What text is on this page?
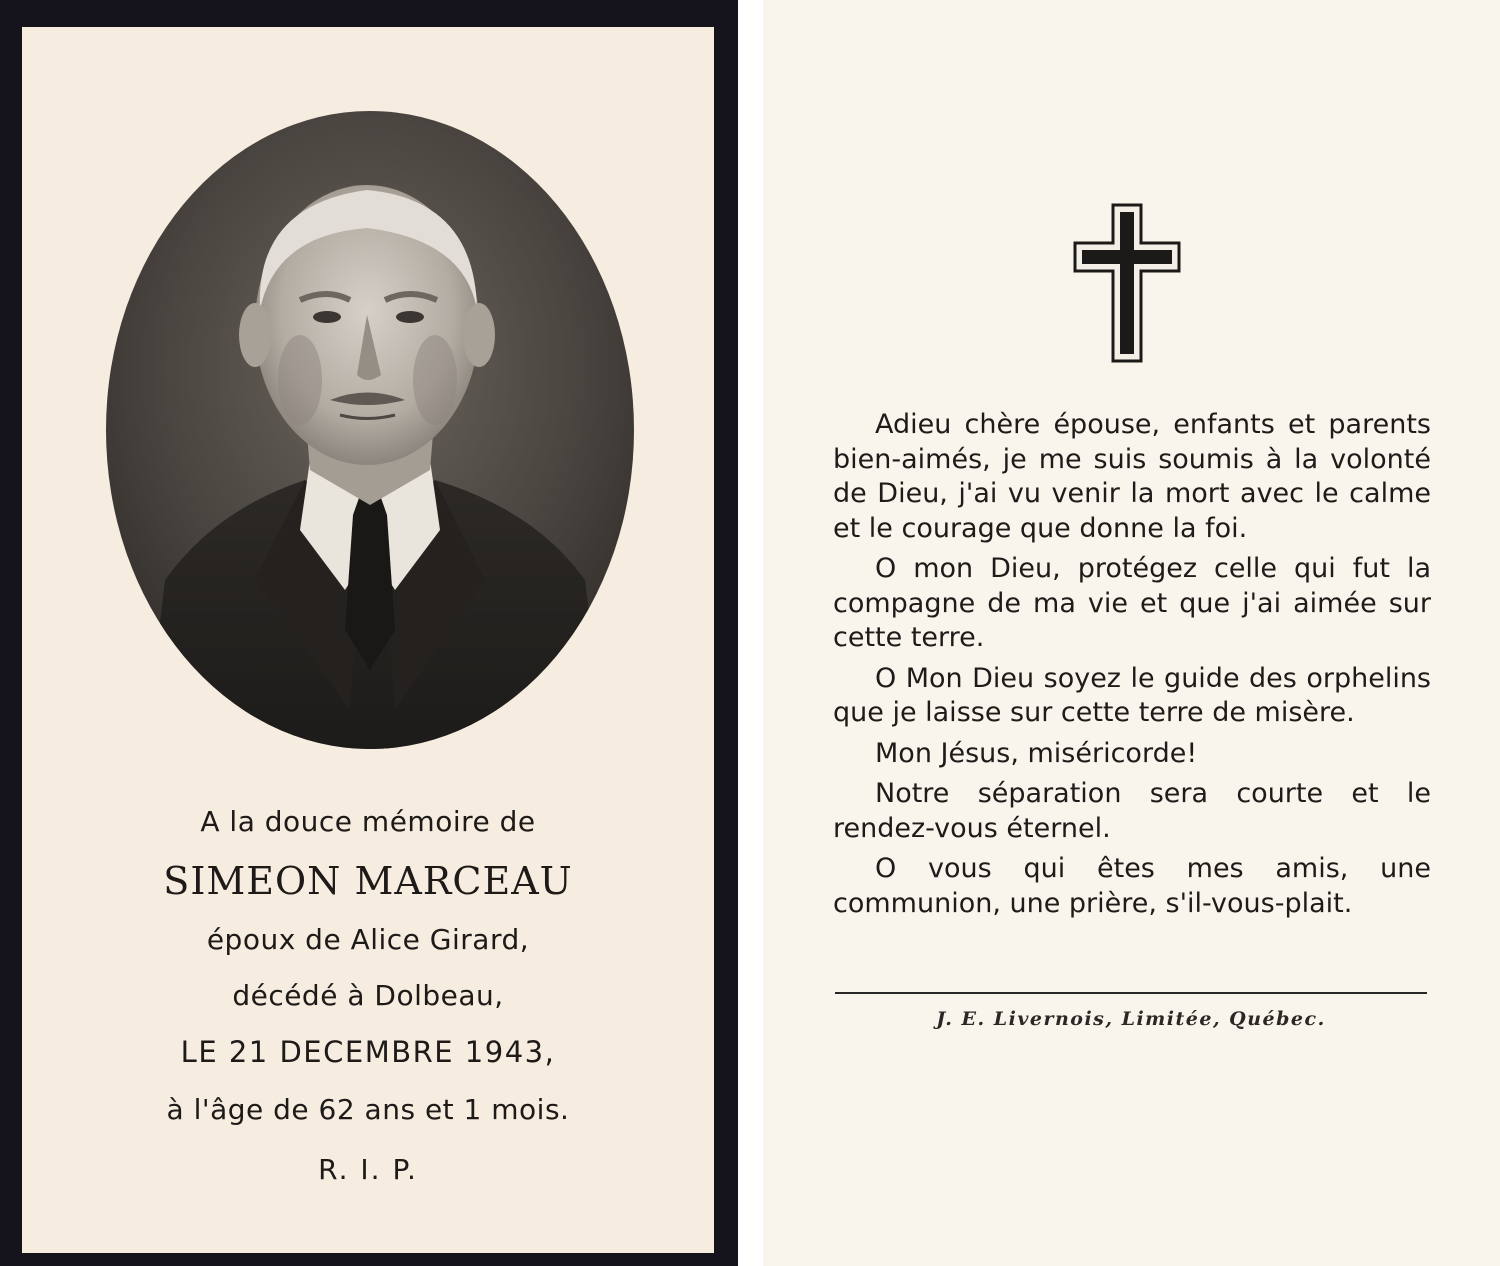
A la douce mémoire de
SIMEON MARCEAU
époux de Alice Girard,
décédé à Dolbeau,
LE 21 DECEMBRE 1943,
à l'âge de 62 ans et 1 mois.
R. I. P.

Adieu chère épouse, enfants et parents bien-aimés, je me suis soumis à la volonté de Dieu, j'ai vu venir la mort avec le calme et le courage que donne la foi.

O mon Dieu, protégez celle qui fut la compagne de ma vie et que j'ai aimée sur cette terre.

O Mon Dieu soyez le guide des orphelins que je laisse sur cette terre de misère.

Mon Jésus, miséricorde!

Notre séparation sera courte et le rendez-vous éternel.

O vous qui êtes mes amis, une communion, une prière, s'il-vous-plait.

J. E. Livernois, Limitée, Québec.
